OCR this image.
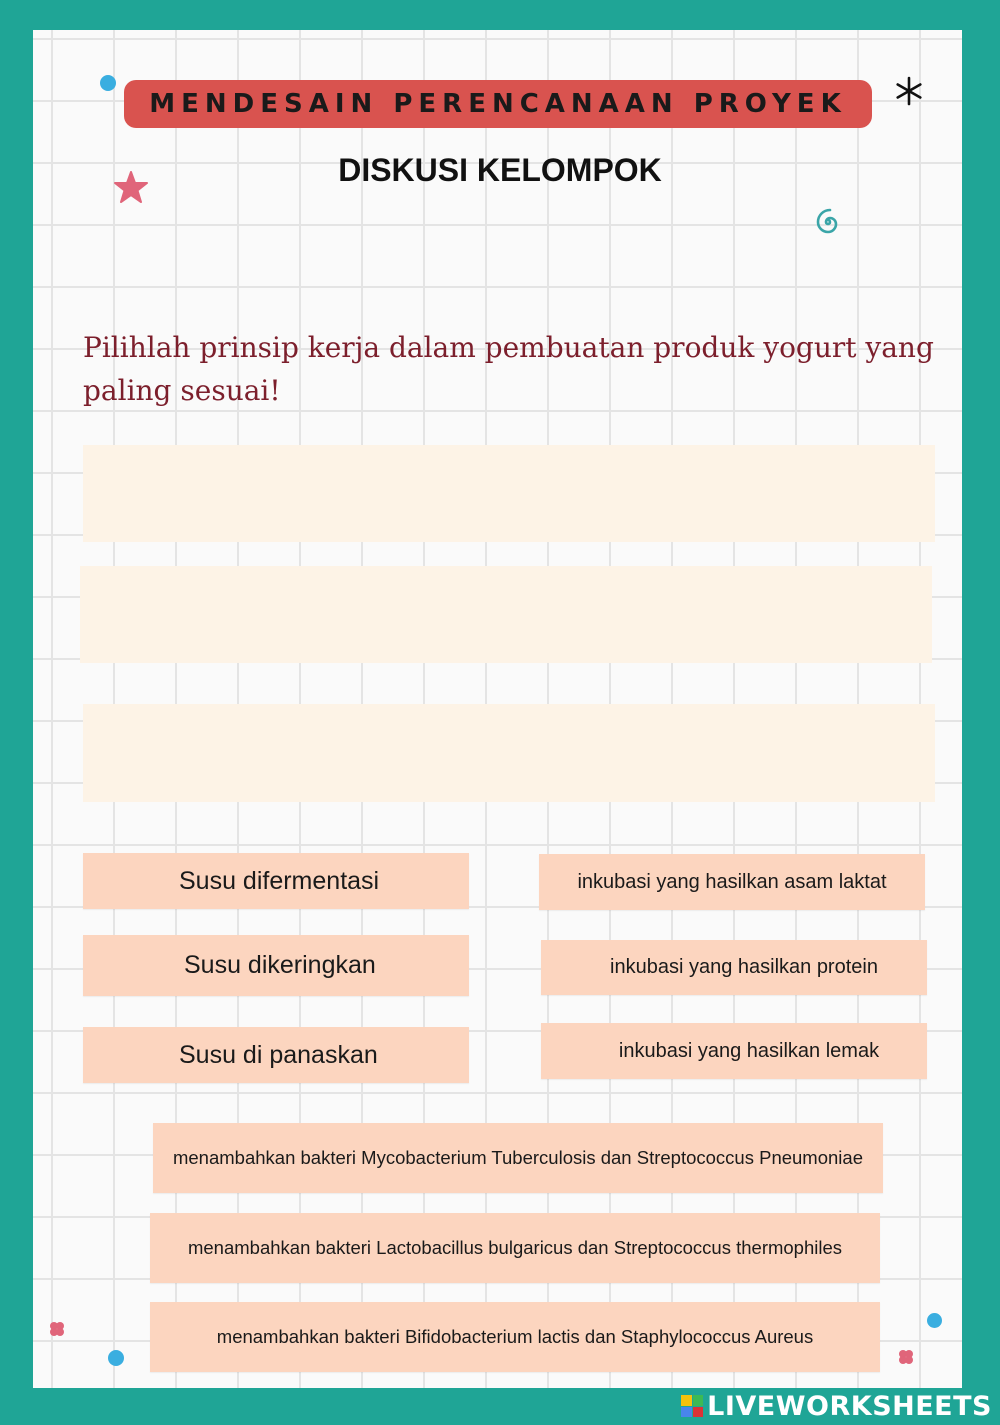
MENDESAIN PERENCANAAN PROYEK
DISKUSI KELOMPOK
Pilihlah prinsip kerja dalam pembuatan produk yogurt yang paling sesuai!
Susu difermentasi
Susu dikeringkan
Susu di panaskan
inkubasi yang hasilkan asam laktat
inkubasi yang hasilkan protein
inkubasi yang hasilkan lemak
menambahkan bakteri Mycobacterium Tuberculosis dan Streptococcus Pneumoniae
menambahkan bakteri Lactobacillus bulgaricus dan Streptococcus thermophiles
menambahkan bakteri Bifidobacterium lactis dan Staphylococcus Aureus
LIVEWORKSHEETS
